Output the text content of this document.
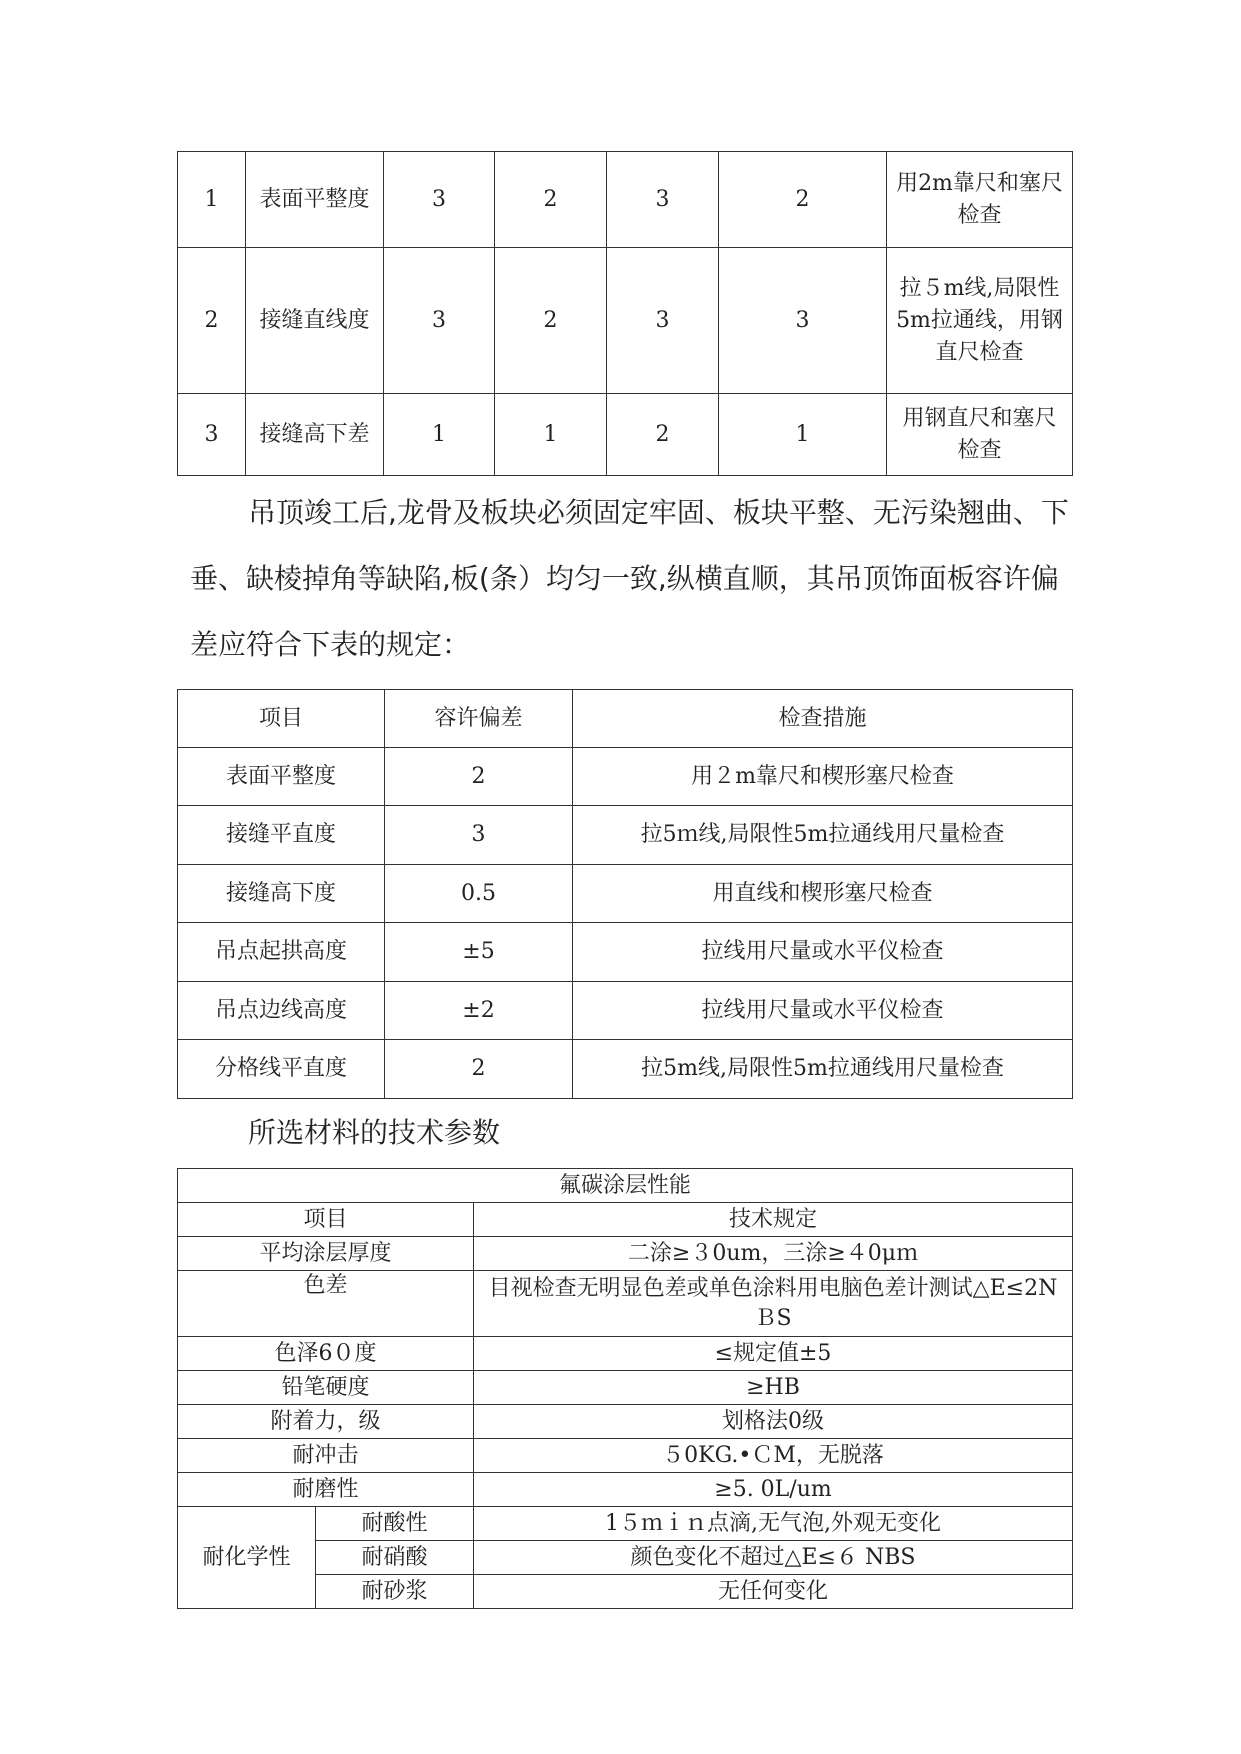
1	表面平整度	3	2	3	2	用2m靠尺和塞尺检查
2	接缝直线度	3	2	3	3	拉５m线,局限性5m拉通线，用钢直尺检查
3	接缝高下差	1	1	2	1	用钢直尺和塞尺检查

吊顶竣工后,龙骨及板块必须固定牢固、板块平整、无污染翘曲、下垂、缺棱掉角等缺陷,板(条）均匀一致,纵横直顺，其吊顶饰面板容许偏差应符合下表的规定：

项目	容许偏差	检查措施
表面平整度	2	用２m靠尺和楔形塞尺检查
接缝平直度	3	拉5ｍ线,局限性5m拉通线用尺量检查
接缝高下度	0.5	用直线和楔形塞尺检查
吊点起拱高度	±5	拉线用尺量或水平仪检查
吊点边线高度	±2	拉线用尺量或水平仪检查
分格线平直度	2	拉5m线,局限性5m拉通线用尺量检查

所选材料的技术参数

氟碳涂层性能		
项目		技术规定
平均涂层厚度		二涂≥３0um，三涂≥４0μｍ
色差		目视检查无明显色差或单色涂料用电脑色差计测试△E≤2NＢS
色泽6０度		≤规定值±5
铅笔硬度		≥HB
附着力，级		划格法0级
耐冲击		５0KG.•ＣM，无脱落
耐磨性		≥5. 0L/um
耐化学性	耐酸性	1５ｍｉｎ点滴,无气泡,外观无变化
	耐硝酸	颜色变化不超过△E≤６ NBS
	耐砂浆	无任何变化
